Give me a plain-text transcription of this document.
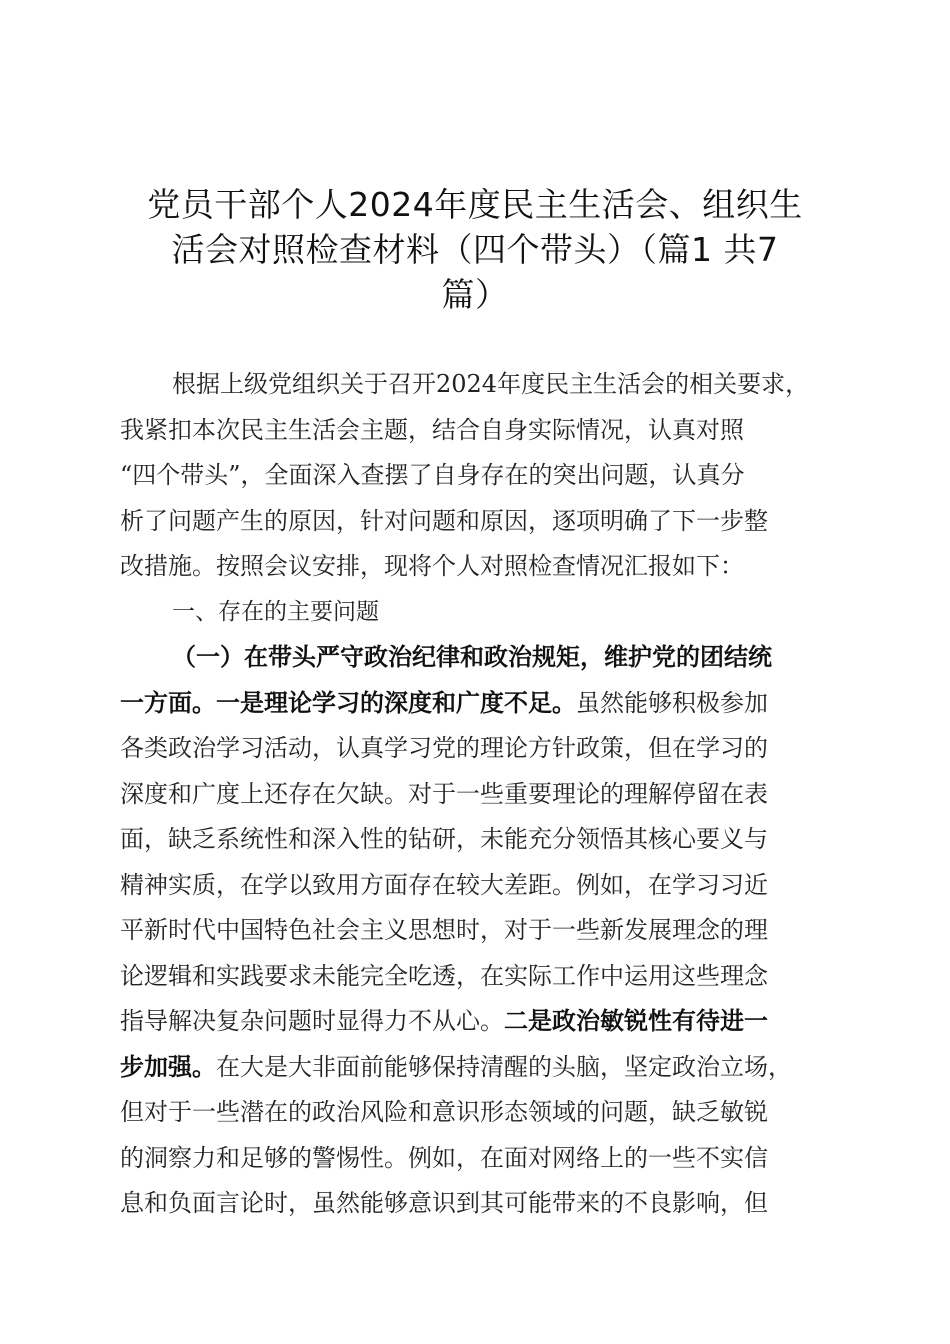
党员干部个人2024年度民主生活会、组织生
活会对照检查材料（四个带头）（篇1 共7
篇）
根据上级党组织关于召开2024年度民主生活会的相关要求，
我紧扣本次民主生活会主题，结合自身实际情况，认真对照
“四个带头”，全面深入查摆了自身存在的突出问题，认真分
析了问题产生的原因，针对问题和原因，逐项明确了下一步整
改措施。按照会议安排，现将个人对照检查情况汇报如下：
一、存在的主要问题
（一）在带头严守政治纪律和政治规矩，维护党的团结统
一方面。一是理论学习的深度和广度不足。虽然能够积极参加
各类政治学习活动，认真学习党的理论方针政策，但在学习的
深度和广度上还存在欠缺。对于一些重要理论的理解停留在表
面，缺乏系统性和深入性的钻研，未能充分领悟其核心要义与
精神实质，在学以致用方面存在较大差距。例如，在学习习近
平新时代中国特色社会主义思想时，对于一些新发展理念的理
论逻辑和实践要求未能完全吃透，在实际工作中运用这些理念
指导解决复杂问题时显得力不从心。二是政治敏锐性有待进一
步加强。在大是大非面前能够保持清醒的头脑，坚定政治立场，
但对于一些潜在的政治风险和意识形态领域的问题，缺乏敏锐
的洞察力和足够的警惕性。例如，在面对网络上的一些不实信
息和负面言论时，虽然能够意识到其可能带来的不良影响，但
